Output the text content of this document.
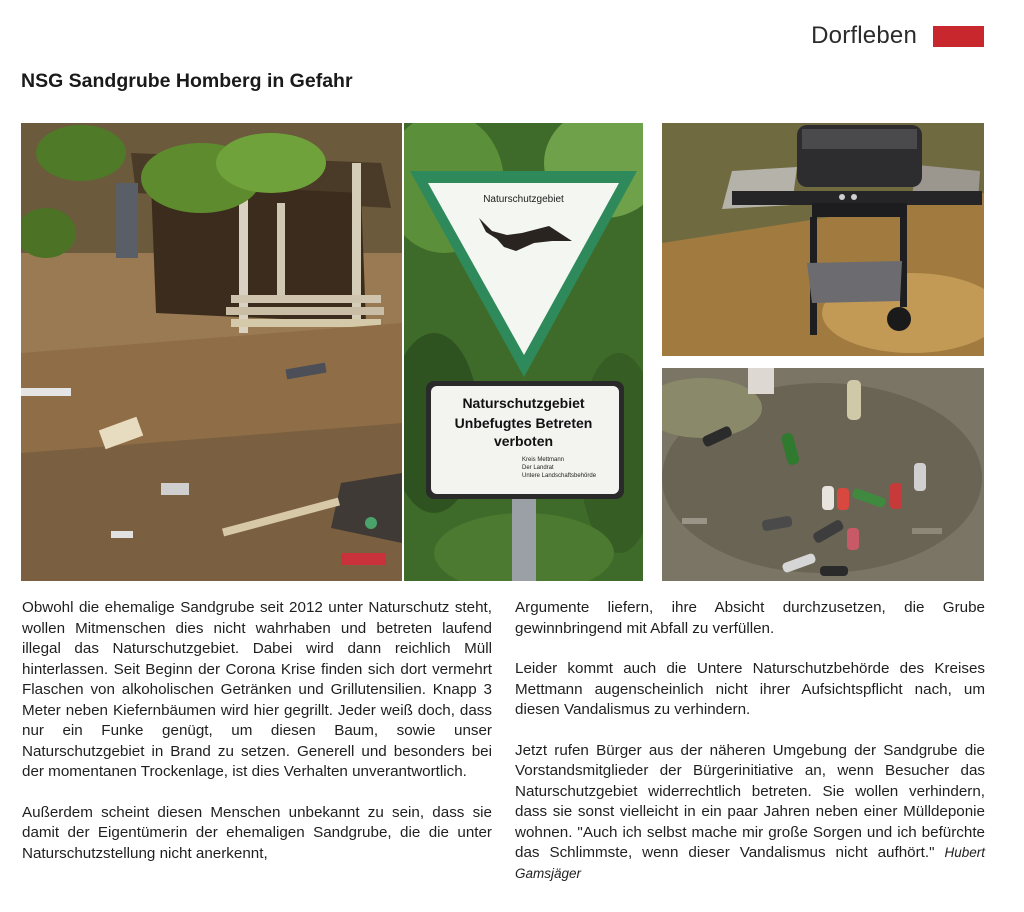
Dorfleben
NSG Sandgrube Homberg in Gefahr
Naturschutzgebiet
Naturschutzgebiet
Unbefugtes Betreten
verboten
Kreis Mettmann
Der Landrat
Untere Landschaftsbehörde

Obwohl die ehemalige Sandgrube seit 2012 unter Naturschutz steht, wollen Mitmenschen dies nicht wahrhaben und betreten laufend illegal das Naturschutzgebiet. Dabei wird dann reichlich Müll hinterlassen. Seit Beginn der Corona Krise finden sich dort vermehrt Flaschen von alkoholischen Getränken und Grillutensilien. Knapp 3 Meter neben Kiefernbäumen wird hier gegrillt. Jeder weiß doch, dass nur ein Funke genügt, um diesen Baum, sowie unser Naturschutzgebiet in Brand zu setzen. Generell und besonders bei der momentanen Trockenlage, ist dies Verhalten unverantwortlich.

Außerdem scheint diesen Menschen unbekannt zu sein, dass sie damit der Eigentümerin der ehemaligen Sandgrube, die die unter Naturschutzstellung nicht anerkennt,

Argumente liefern, ihre Absicht durchzusetzen, die Grube gewinnbringend mit Abfall zu verfüllen.

Leider kommt auch die Untere Naturschutzbehörde des Kreises Mettmann augenscheinlich nicht ihrer Aufsichtspflicht nach, um diesen Vandalismus zu verhindern.

Jetzt rufen Bürger aus der näheren Umgebung der Sandgrube die Vorstandsmitglieder der Bürgerinitiative an, wenn Besucher das Naturschutzgebiet widerrechtlich betreten. Sie wollen verhindern, dass sie sonst vielleicht in ein paar Jahren neben einer Mülldeponie wohnen. "Auch ich selbst mache mir große Sorgen und ich befürchte das Schlimmste, wenn dieser Vandalismus nicht aufhört." Hubert Gamsjäger
